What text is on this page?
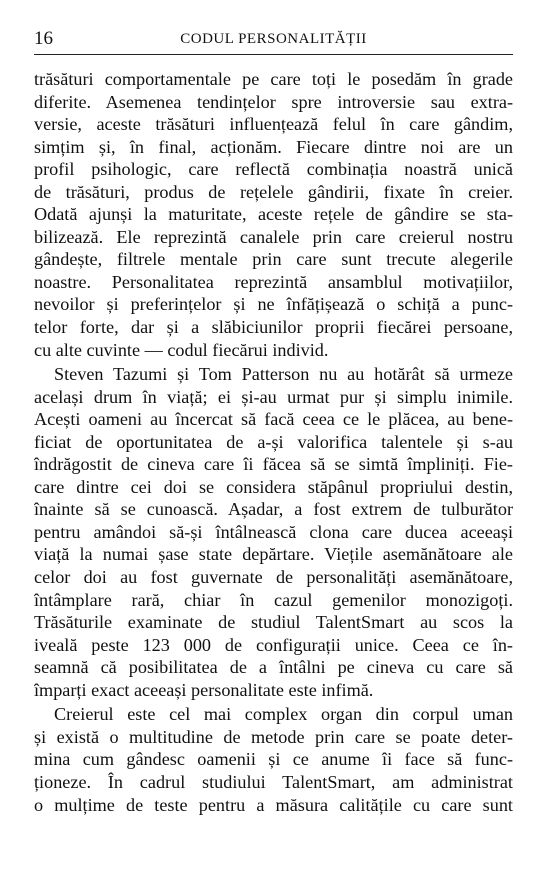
16	CODUL PERSONALITĂȚII
trăsături comportamentale pe care toți le posedăm în grade
diferite. Asemenea tendințelor spre introversie sau extra-
versie, aceste trăsături influențează felul în care gândim,
simțim și, în final, acționăm. Fiecare dintre noi are un
profil psihologic, care reflectă combinația noastră unică
de trăsături, produs de rețelele gândirii, fixate în creier.
Odată ajunși la maturitate, aceste rețele de gândire se sta-
bilizează. Ele reprezintă canalele prin care creierul nostru
gândește, filtrele mentale prin care sunt trecute alegerile
noastre. Personalitatea reprezintă ansamblul motivațiilor,
nevoilor și preferințelor și ne înfățișează o schiță a punc-
telor forte, dar și a slăbiciunilor proprii fiecărei persoane,
cu alte cuvinte — codul fiecărui individ.
Steven Tazumi și Tom Patterson nu au hotărât să urmeze
același drum în viață; ei și-au urmat pur și simplu inimile.
Acești oameni au încercat să facă ceea ce le plăcea, au bene-
ficiat de oportunitatea de a-și valorifica talentele și s-au
îndrăgostit de cineva care îi făcea să se simtă împliniți. Fie-
care dintre cei doi se considera stăpânul propriului destin,
înainte să se cunoască. Așadar, a fost extrem de tulburător
pentru amândoi să-și întâlnească clona care ducea aceeași
viață la numai șase state depărtare. Viețile asemănătoare ale
celor doi au fost guvernate de personalități asemănătoare,
întâmplare rară, chiar în cazul gemenilor monozigoți.
Trăsăturile examinate de studiul TalentSmart au scos la
iveală peste 123 000 de configurații unice. Ceea ce în-
seamnă că posibilitatea de a întâlni pe cineva cu care să
împarți exact aceeași personalitate este infimă.
Creierul este cel mai complex organ din corpul uman
și există o multitudine de metode prin care se poate deter-
mina cum gândesc oamenii și ce anume îi face să func-
ționeze. În cadrul studiului TalentSmart, am administrat
o mulțime de teste pentru a măsura calitățile cu care sunt
